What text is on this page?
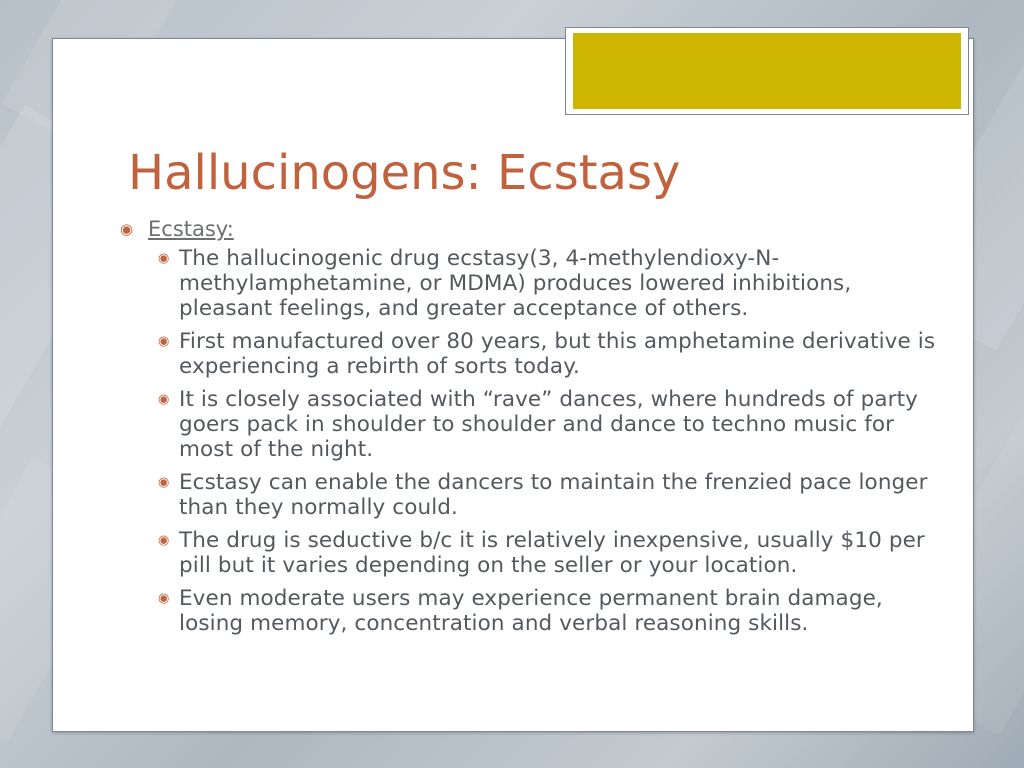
Hallucinogens: Ecstasy
◉ Ecstasy:
◉ The hallucinogenic drug ecstasy(3, 4-methylendioxy-N-methylamphetamine, or MDMA) produces lowered inhibitions, pleasant feelings, and greater acceptance of others.
◉ First manufactured over 80 years, but this amphetamine derivative is experiencing a rebirth of sorts today.
◉ It is closely associated with “rave” dances, where hundreds of party goers pack in shoulder to shoulder and dance to techno music for most of the night.
◉ Ecstasy can enable the dancers to maintain the frenzied pace longer than they normally could.
◉ The drug is seductive b/c it is relatively inexpensive, usually $10 per pill but it varies depending on the seller or your location.
◉ Even moderate users may experience permanent brain damage, losing memory, concentration and verbal reasoning skills.
